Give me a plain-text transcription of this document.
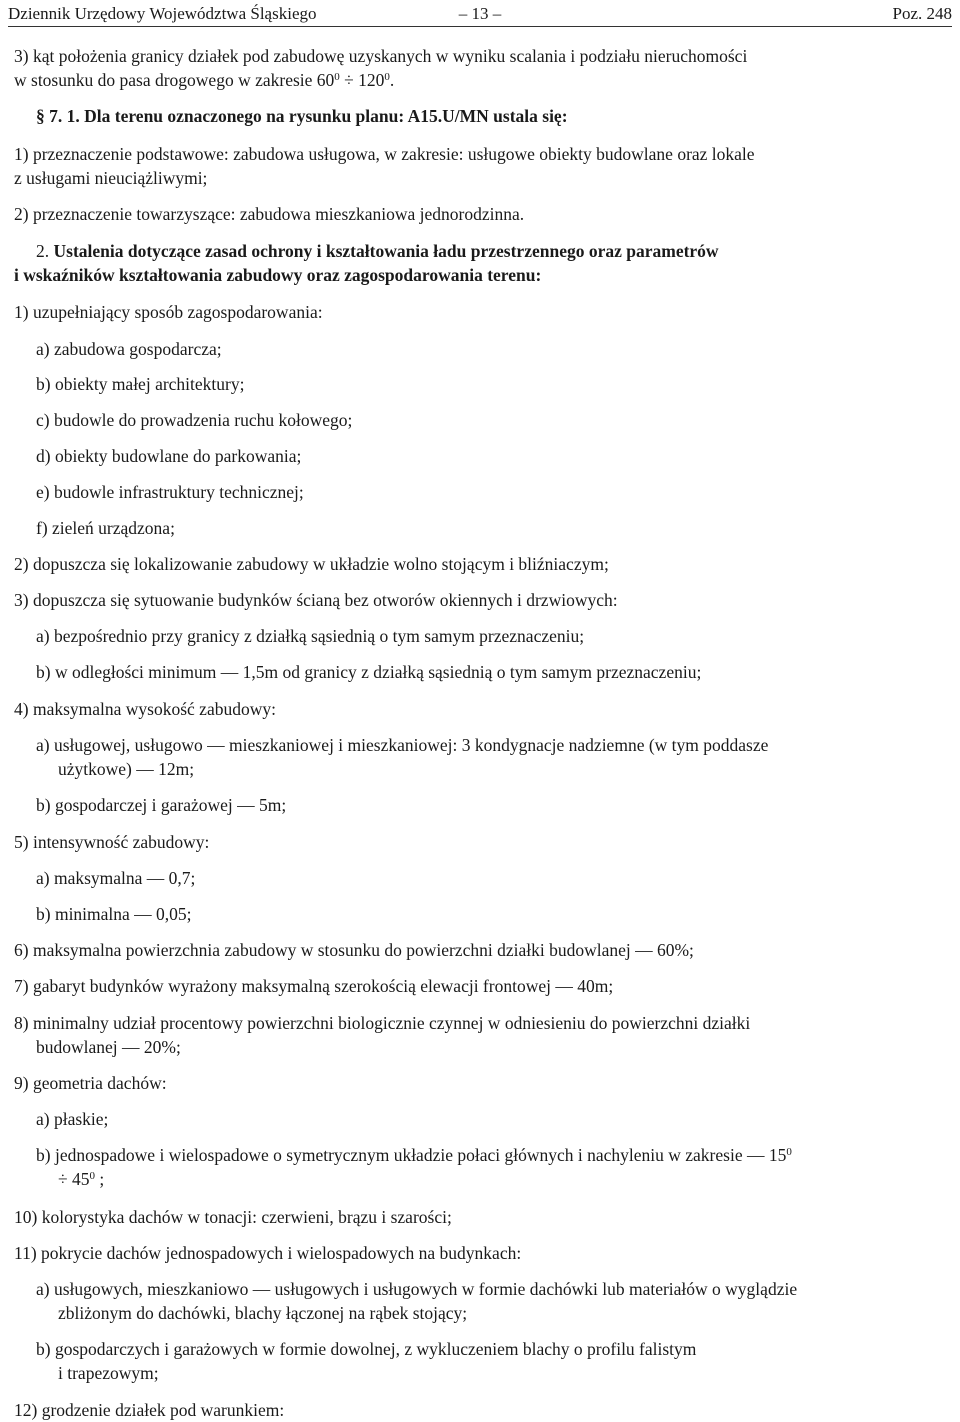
Dziennik Urzędowy Województwa Śląskiego	– 13 –	Poz. 248

3) kąt położenia granicy działek pod zabudowę uzyskanych w wyniku scalania i podziału nieruchomości

w stosunku do pasa drogowego w zakresie $60^0 \div 120^0$.

§ 7. 1. Dla terenu oznaczonego na rysunku planu: A15.U/MN ustala się:

1) przeznaczenie podstawowe: zabudowa usługowa, w zakresie: usługowe obiekty budowlane oraz lokale

z usługami nieuciążliwymi;

2) przeznaczenie towarzyszące: zabudowa mieszkaniowa jednorodzinna.

2. Ustalenia dotyczące zasad ochrony i kształtowania ładu przestrzennego oraz parametrów

i wskaźników kształtowania zabudowy oraz zagospodarowania terenu:

1) uzupełniający sposób zagospodarowania:

a) zabudowa gospodarcza;

b) obiekty małej architektury;

c) budowle do prowadzenia ruchu kołowego;

d) obiekty budowlane do parkowania;

e) budowle infrastruktury technicznej;

f) zieleń urządzona;

2) dopuszcza się lokalizowanie zabudowy w układzie wolno stojącym i bliźniaczym;

3) dopuszcza się sytuowanie budynków ścianą bez otworów okiennych i drzwiowych:

a) bezpośrednio przy granicy z działką sąsiednią o tym samym przeznaczeniu;

b) w odległości minimum — 1,5m od granicy z działką sąsiednią o tym samym przeznaczeniu;

4) maksymalna wysokość zabudowy:

a) usługowej, usługowo — mieszkaniowej i mieszkaniowej: 3 kondygnacje nadziemne (w tym poddasze

użytkowe) — 12m;

b) gospodarczej i garażowej — 5m;

5) intensywność zabudowy:

a) maksymalna — 0,7;

b) minimalna — 0,05;

6) maksymalna powierzchnia zabudowy w stosunku do powierzchni działki budowlanej — 60%;

7) gabaryt budynków wyrażony maksymalną szerokością elewacji frontowej — 40m;

8) minimalny udział procentowy powierzchni biologicznie czynnej w odniesieniu do powierzchni działki

budowlanej — 20%;

9) geometria dachów:

a) płaskie;

b) jednospadowe i wielospadowe o symetrycznym układzie połaci głównych i nachyleniu w zakresie — $15^0$

÷ $45^0$ ;

10) kolorystyka dachów w tonacji: czerwieni, brązu i szarości;

11) pokrycie dachów jednospadowych i wielospadowych na budynkach:

a) usługowych, mieszkaniowo — usługowych i usługowych w formie dachówki lub materiałów o wyglądzie

zbliżonym do dachówki, blachy łączonej na rąbek stojący;

b) gospodarczych i garażowych w formie dowolnej, z wykluczeniem blachy o profilu falistym

i trapezowym;

12) grodzenie działek pod warunkiem:
